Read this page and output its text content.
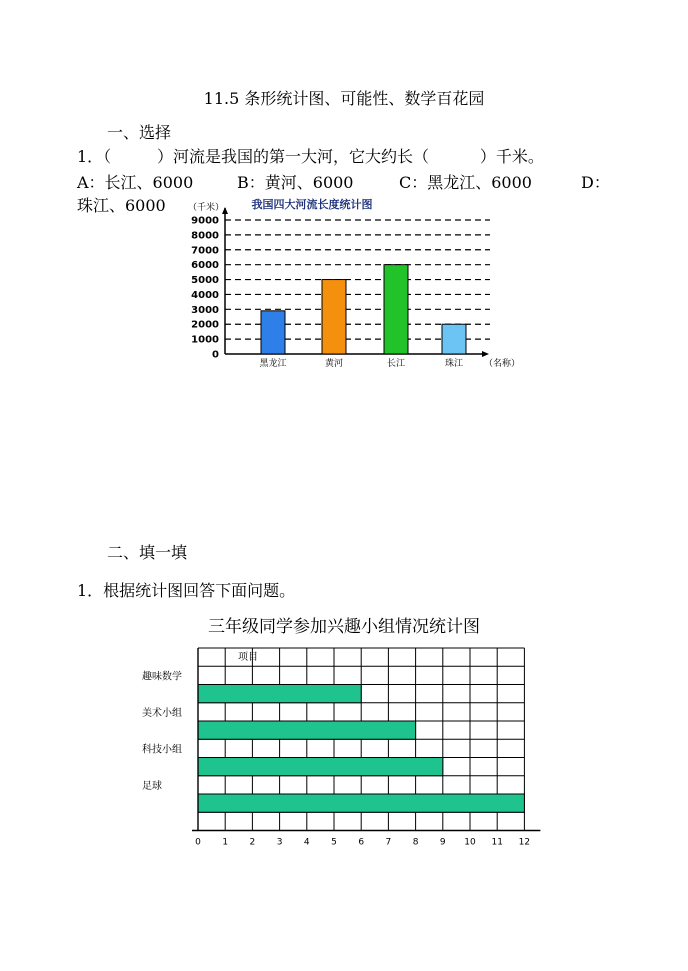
11.5 条形统计图、可能性、数学百花园
一、选择
1．（         ）河流是我国的第一大河，它大约长（          ）千米。
A：长江、6000	B：黄河、6000	C：黑龙江、6000	D：
珠江、6000	我国四大河流长度统计图
（千米）
（名称）
0
1000
2000
3000
4000
5000
6000
7000
8000
9000
黑龙江	黄河	长江	珠江
二、填一填
1．根据统计图回答下面问题。
三年级同学参加兴趣小组情况统计图
项目
趣味数学
美术小组
科技小组
足球
0 1 2 3 4 5 6 7 8 9 10 11 12
